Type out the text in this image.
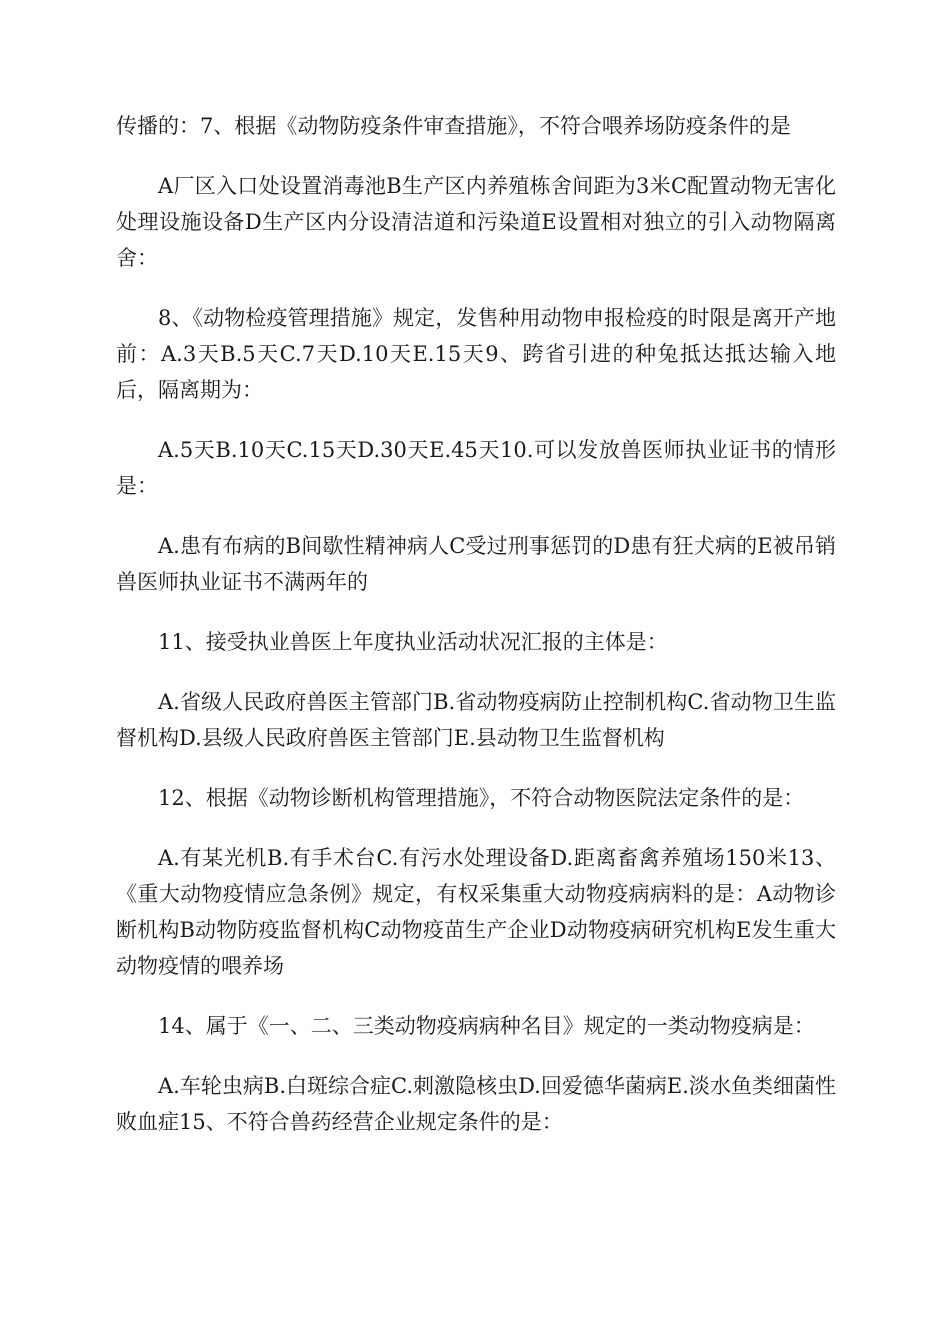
传播的：7、根据《动物防疫条件审查措施》，不符合喂养场防疫条件的是

A厂区入口处设置消毒池B生产区内养殖栋舍间距为3米C配置动物无害化处理设施设备D生产区内分设清洁道和污染道E设置相对独立的引入动物隔离舍：

8、《动物检疫管理措施》规定，发售种用动物申报检疫的时限是离开产地前：A.3天B.5天C.7天D.10天E.15天9、跨省引进的种兔抵达抵达输入地后，隔离期为：

A.5天B.10天C.15天D.30天E.45天10.可以发放兽医师执业证书的情形是：

A.患有布病的B间歇性精神病人C受过刑事惩罚的D患有狂犬病的E被吊销兽医师执业证书不满两年的

11、接受执业兽医上年度执业活动状况汇报的主体是：

A.省级人民政府兽医主管部门B.省动物疫病防止控制机构C.省动物卫生监督机构D.县级人民政府兽医主管部门E.县动物卫生监督机构

12、根据《动物诊断机构管理措施》，不符合动物医院法定条件的是：

A.有某光机B.有手术台C.有污水处理设备D.距离畜禽养殖场150米13、《重大动物疫情应急条例》规定，有权采集重大动物疫病病料的是：A动物诊断机构B动物防疫监督机构C动物疫苗生产企业D动物疫病研究机构E发生重大动物疫情的喂养场

14、属于《一、二、三类动物疫病病种名目》规定的一类动物疫病是：

A.车轮虫病B.白斑综合症C.刺激隐核虫D.回爱德华菌病E.淡水鱼类细菌性败血症15、不符合兽药经营企业规定条件的是：
